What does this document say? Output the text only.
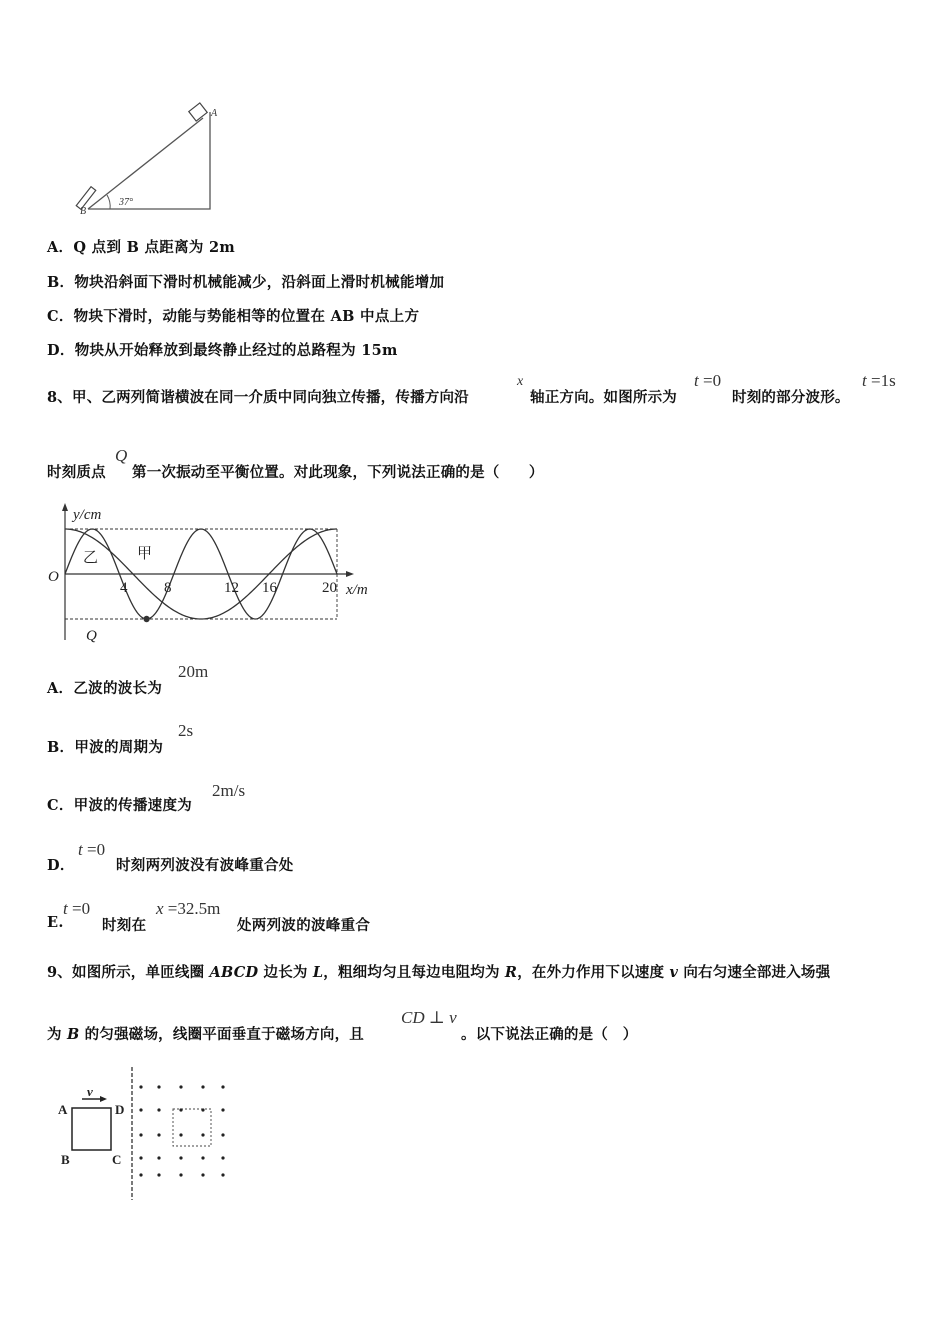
A
B
37°
A．Q 点到 B 点距离为 2m
B．物块沿斜面下滑时机械能减少，沿斜面上滑时机械能增加
C．物块下滑时，动能与势能相等的位置在 AB 中点上方
D．物块从开始释放到最终静止经过的总路程为 15m
8、甲、乙两列简谐横波在同一介质中同向独立传播，传播方向沿
x
轴正方向。如图所示为
t =0
时刻的部分波形。
t =1s
时刻质点
Q
第一次振动至平衡位置。对此现象，下列说法正确的是（　　）
y/cm
O
x/m
4 8	12 16	20
乙	甲
Q
A．乙波的波长为
20m
B．甲波的周期为
2s
C．甲波的传播速度为
2m/s
D．
t =0
时刻两列波没有波峰重合处
E.
t =0
时刻在
x =32.5m
处两列波的波峰重合
9、如图所示，单匝线圈 ABCD 边长为 L，粗细均匀且每边电阻均为 R，在外力作用下以速度 v 向右匀速全部进入场强
为 B 的匀强磁场，线圈平面垂直于磁场方向，且
CD ⊥ v
。以下说法正确的是（　）
v
A
B	C
D
